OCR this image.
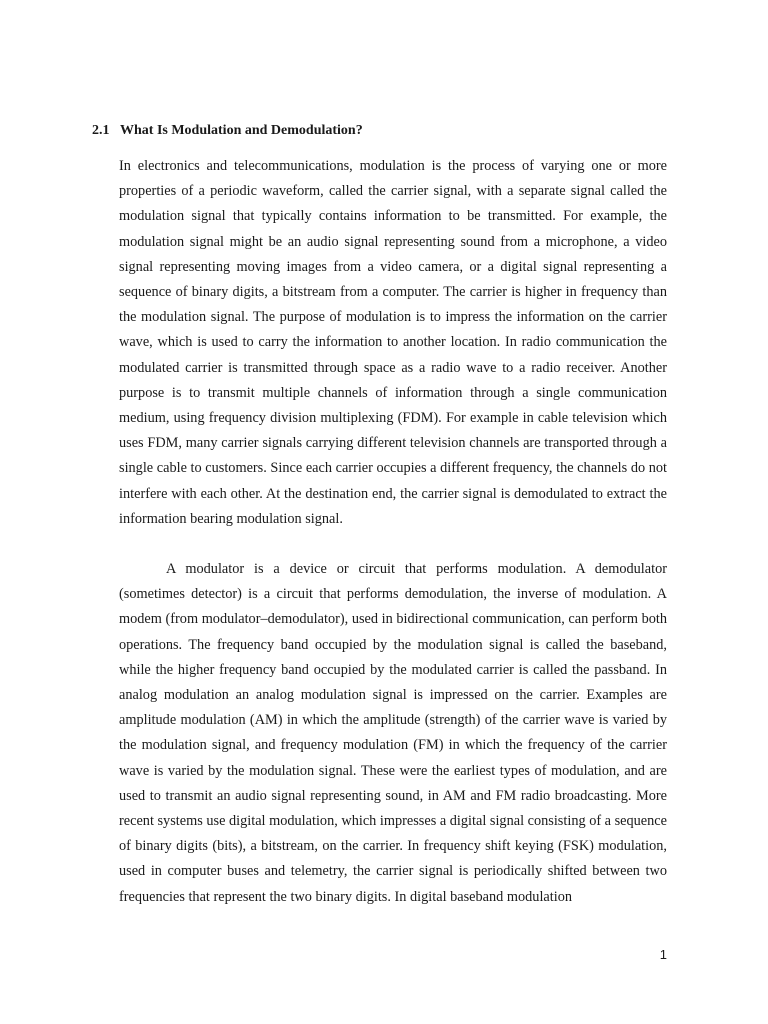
2.1 What Is Modulation and Demodulation?

In electronics and telecommunications, modulation is the process of varying one or more properties of a periodic waveform, called the carrier signal, with a separate signal called the modulation signal that typically contains information to be transmitted. For example, the modulation signal might be an audio signal representing sound from a microphone, a video signal representing moving images from a video camera, or a digital signal representing a sequence of binary digits, a bitstream from a computer. The carrier is higher in frequency than the modulation signal. The purpose of modulation is to impress the information on the carrier wave, which is used to carry the information to another location. In radio communication the modulated carrier is transmitted through space as a radio wave to a radio receiver. Another purpose is to transmit multiple channels of information through a single communication medium, using frequency division multiplexing (FDM). For example in cable television which uses FDM, many carrier signals carrying different television channels are transported through a single cable to customers. Since each carrier occupies a different frequency, the channels do not interfere with each other. At the destination end, the carrier signal is demodulated to extract the information bearing modulation signal.

A modulator is a device or circuit that performs modulation. A demodulator (sometimes detector) is a circuit that performs demodulation, the inverse of modulation. A modem (from modulator–demodulator), used in bidirectional communication, can perform both operations. The frequency band occupied by the modulation signal is called the baseband, while the higher frequency band occupied by the modulated carrier is called the passband. In analog modulation an analog modulation signal is impressed on the carrier. Examples are amplitude modulation (AM) in which the amplitude (strength) of the carrier wave is varied by the modulation signal, and frequency modulation (FM) in which the frequency of the carrier wave is varied by the modulation signal. These were the earliest types of modulation, and are used to transmit an audio signal representing sound, in AM and FM radio broadcasting. More recent systems use digital modulation, which impresses a digital signal consisting of a sequence of binary digits (bits), a bitstream, on the carrier. In frequency shift keying (FSK) modulation, used in computer buses and telemetry, the carrier signal is periodically shifted between two frequencies that represent the two binary digits. In digital baseband modulation

1
